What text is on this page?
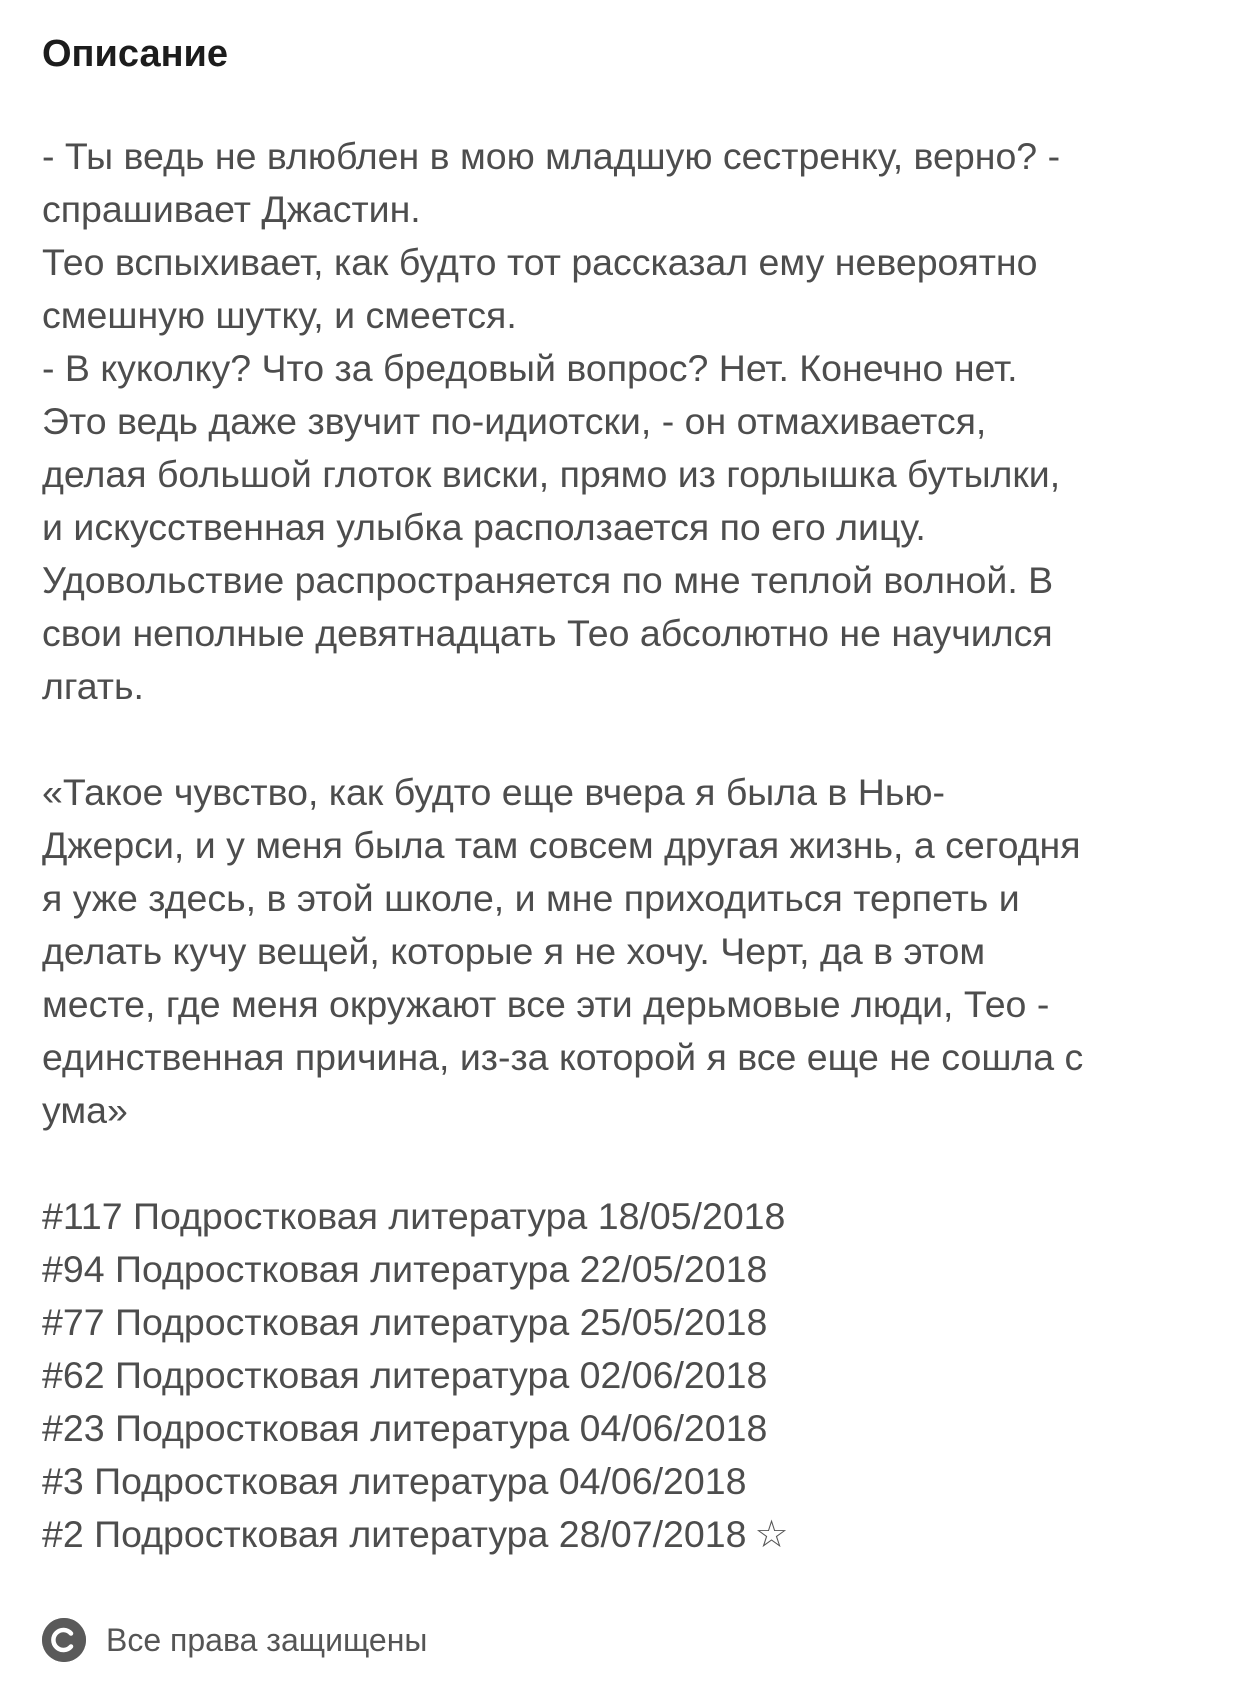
Описание

- Ты ведь не влюблен в мою младшую сестренку, верно? -
спрашивает Джастин.
Тео вспыхивает, как будто тот рассказал ему невероятно
смешную шутку, и смеется.
- В куколку? Что за бредовый вопрос? Нет. Конечно нет.
Это ведь даже звучит по-идиотски, - он отмахивается,
делая большой глоток виски, прямо из горлышка бутылки,
и искусственная улыбка расползается по его лицу.
Удовольствие распространяется по мне теплой волной. В
свои неполные девятнадцать Тео абсолютно не научился
лгать.

«Такое чувство, как будто еще вчера я была в Нью-
Джерси, и у меня была там совсем другая жизнь, а сегодня
я уже здесь, в этой школе, и мне приходиться терпеть и
делать кучу вещей, которые я не хочу. Черт, да в этом
месте, где меня окружают все эти дерьмовые люди, Тео -
единственная причина, из-за которой я все еще не сошла с
ума»

#117 Подростковая литература 18/05/2018
#94 Подростковая литература 22/05/2018
#77 Подростковая литература 25/05/2018
#62 Подростковая литература 02/06/2018
#23 Подростковая литература 04/06/2018
#3 Подростковая литература 04/06/2018
#2 Подростковая литература 28/07/2018 ☆
Все права защищены
